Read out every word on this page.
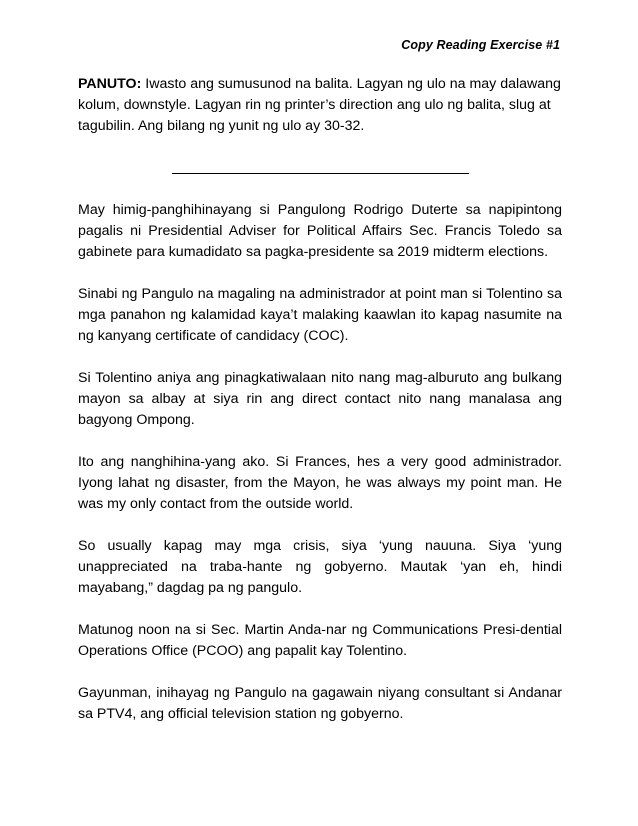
Copy Reading Exercise #1
PANUTO: Iwasto ang sumusunod na balita. Lagyan ng ulo na may dalawang kolum, downstyle. Lagyan rin ng printer’s direction ang ulo ng balita, slug at tagubilin. Ang bilang ng yunit ng ulo ay 30-32.

May himig-panghihinayang si Pangulong Rodrigo Duterte sa napipintong pagalis ni Presidential Adviser for Political Affairs Sec. Francis Toledo sa gabinete para kumadidato sa pagka-presidente sa 2019 midterm elections.

Sinabi ng Pangulo na magaling na administrador at point man si Tolentino sa mga panahon ng kalamidad kaya’t malaking kaawlan ito kapag nasumite na ng kanyang certificate of candidacy (COC).

Si Tolentino aniya ang pinagkatiwalaan nito nang mag-alburuto ang bulkang mayon sa albay at siya rin ang direct contact nito nang manalasa ang bagyong Ompong.

Ito ang nanghihina-yang ako. Si Frances, hes a very good administrador. Iyong lahat ng disaster, from the Mayon, he was always my point man. He was my only contact from the outside world.

So usually kapag may mga crisis, siya ‘yung nauuna. Siya ‘yung unappreciated na traba-hante ng gobyerno. Mautak ‘yan eh, hindi mayabang,” dagdag pa ng pangulo.

Matunog noon na si Sec. Martin Anda-nar ng Communications Presi-dential Operations Office (PCOO) ang papalit kay Tolentino.

Gayunman, inihayag ng Pangulo na gagawain niyang consultant si Andanar sa PTV4, ang official television station ng gobyerno.
